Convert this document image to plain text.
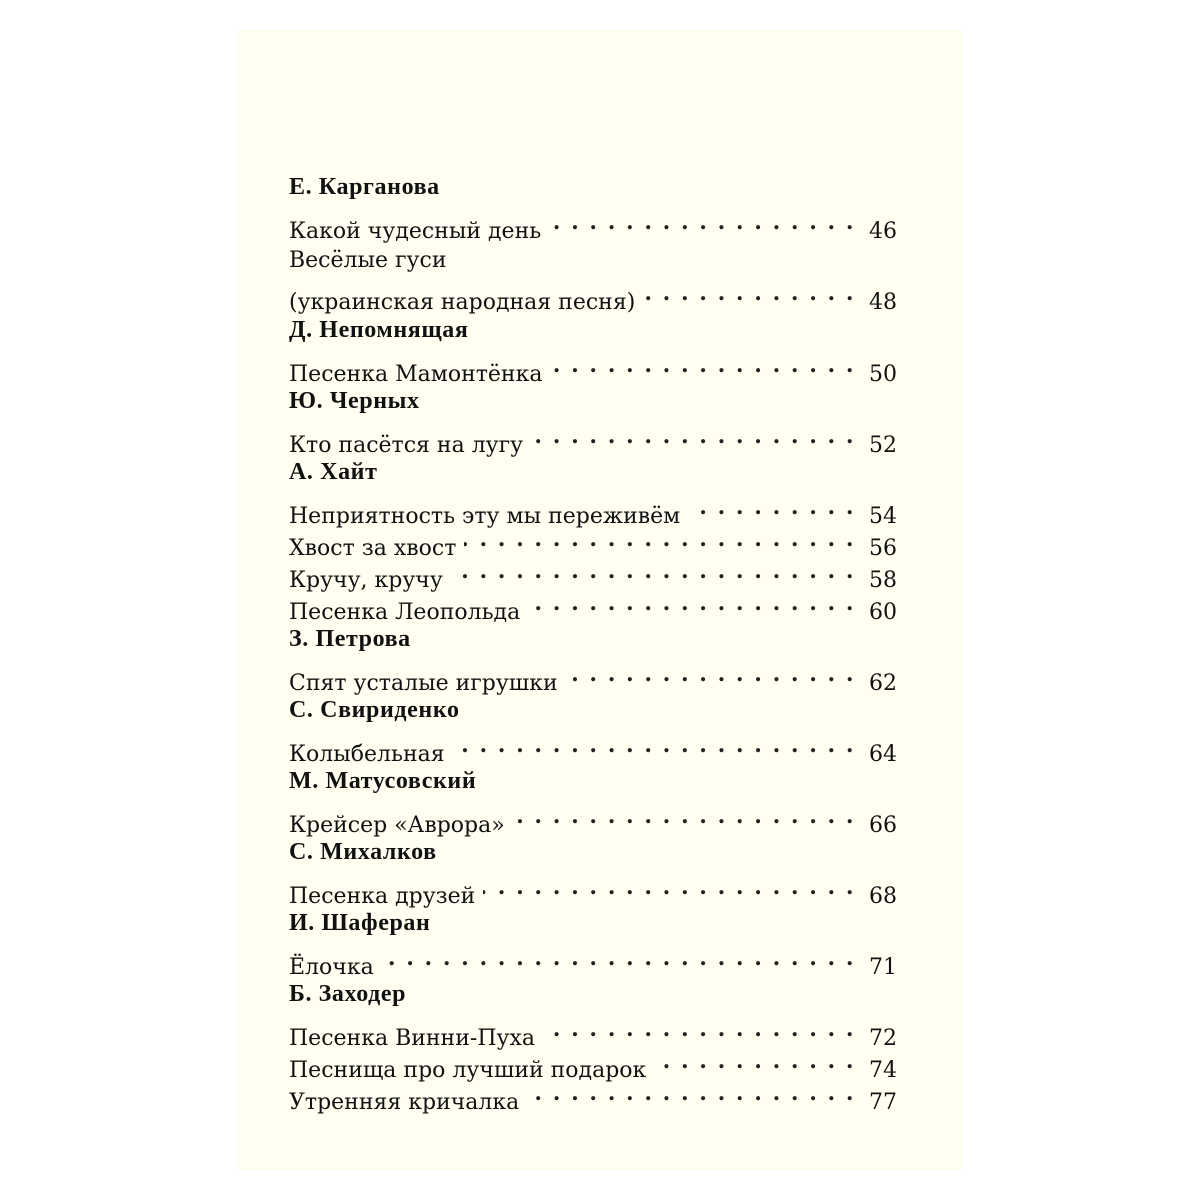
Е. Карганова
Какой чудесный день . . .	46
Весёлые гуси
(украинская народная песня) . . .	48
Д. Непомнящая
Песенка Мамонтёнка . . .	50
Ю. Черных
Кто пасётся на лугу . . .	52
А. Хайт
Неприятность эту мы переживём . . .	54
Хвост за хвост . . .	56
Кручу, кручу . . .	58
Песенка Леопольда . . .	60
З. Петрова
Спят усталые игрушки . . .	62
С. Свириденко
Колыбельная . . .	64
М. Матусовский
Крейсер «Аврора» . . .	66
С. Михалков
Песенка друзей . . .	68
И. Шаферан
Ёлочка . . .	71
Б. Заходер
Песенка Винни-Пуха . . .	72
Песнища про лучший подарок . . .	74
Утренняя кричалка . . .	77
